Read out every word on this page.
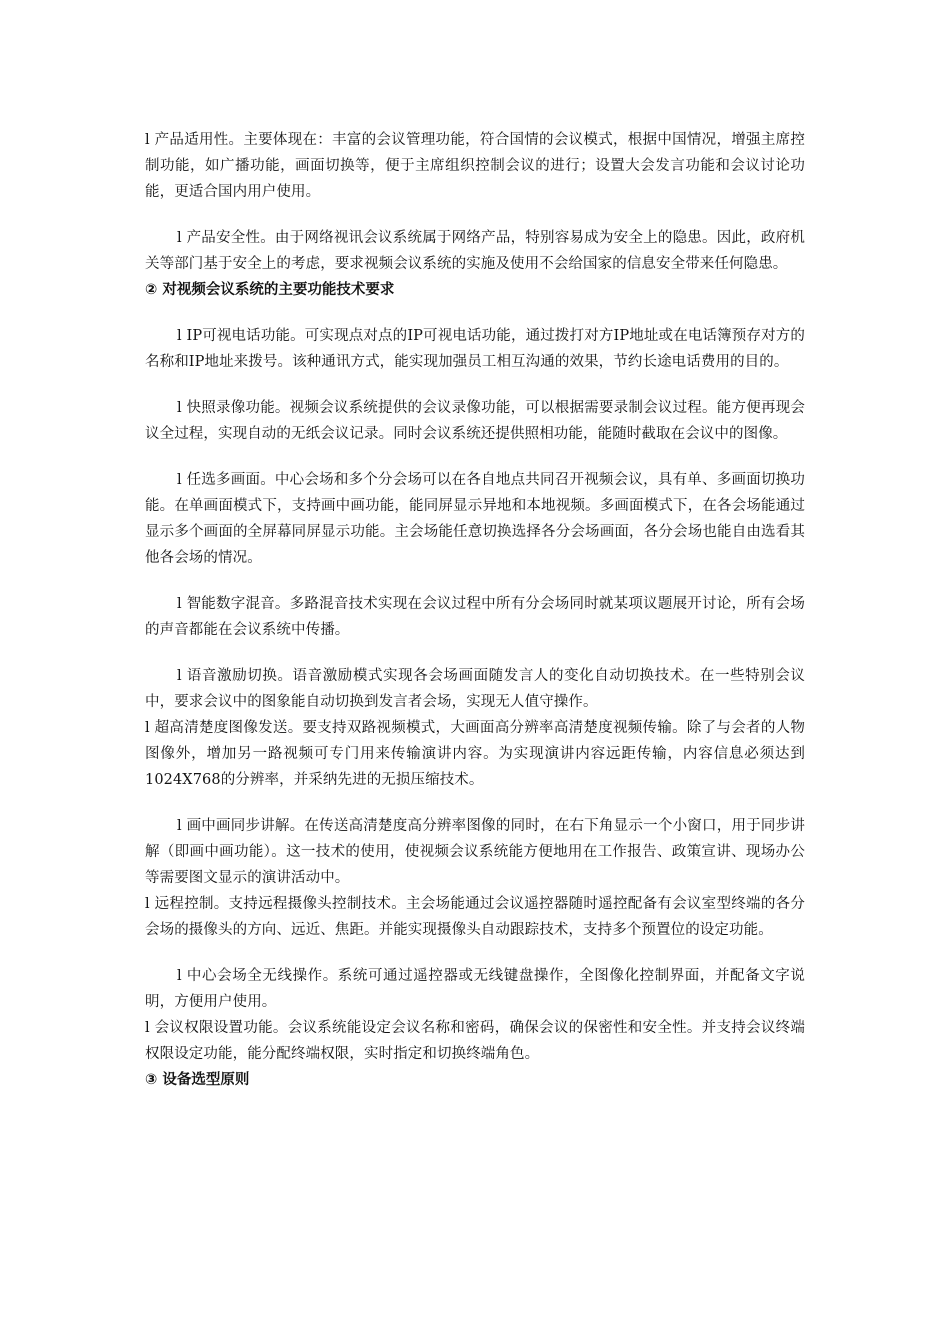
l 产品适用性。主要体现在：丰富的会议管理功能，符合国情的会议模式，根据中国情况，增强主席控制功能，如广播功能，画面切换等，便于主席组织控制会议的进行；设置大会发言功能和会议讨论功能，更适合国内用户使用。

l 产品安全性。由于网络视讯会议系统属于网络产品，特别容易成为安全上的隐患。因此，政府机关等部门基于安全上的考虑，要求视频会议系统的实施及使用不会给国家的信息安全带来任何隐患。

② 对视频会议系统的主要功能技术要求

l IP可视电话功能。可实现点对点的IP可视电话功能，通过拨打对方IP地址或在电话簿预存对方的名称和IP地址来拨号。该种通讯方式，能实现加强员工相互沟通的效果，节约长途电话费用的目的。

l 快照录像功能。视频会议系统提供的会议录像功能，可以根据需要录制会议过程。能方便再现会议全过程，实现自动的无纸会议记录。同时会议系统还提供照相功能，能随时截取在会议中的图像。

l 任选多画面。中心会场和多个分会场可以在各自地点共同召开视频会议，具有单、多画面切换功能。在单画面模式下，支持画中画功能，能同屏显示异地和本地视频。多画面模式下，在各会场能通过显示多个画面的全屏幕同屏显示功能。主会场能任意切换选择各分会场画面，各分会场也能自由选看其他各会场的情况。

l 智能数字混音。多路混音技术实现在会议过程中所有分会场同时就某项议题展开讨论，所有会场的声音都能在会议系统中传播。

l 语音激励切换。语音激励模式实现各会场画面随发言人的变化自动切换技术。在一些特别会议中，要求会议中的图象能自动切换到发言者会场，实现无人值守操作。

l 超高清楚度图像发送。要支持双路视频模式，大画面高分辨率高清楚度视频传输。除了与会者的人物图像外，增加另一路视频可专门用来传输演讲内容。为实现演讲内容远距传输，内容信息必须达到1024X768的分辨率，并采纳先进的无损压缩技术。

l 画中画同步讲解。在传送高清楚度高分辨率图像的同时，在右下角显示一个小窗口，用于同步讲解（即画中画功能）。这一技术的使用，使视频会议系统能方便地用在工作报告、政策宣讲、现场办公等需要图文显示的演讲活动中。

l 远程控制。支持远程摄像头控制技术。主会场能通过会议遥控器随时遥控配备有会议室型终端的各分会场的摄像头的方向、远近、焦距。并能实现摄像头自动跟踪技术，支持多个预置位的设定功能。

l 中心会场全无线操作。系统可通过遥控器或无线键盘操作，全图像化控制界面，并配备文字说明，方便用户使用。

l 会议权限设置功能。会议系统能设定会议名称和密码，确保会议的保密性和安全性。并支持会议终端权限设定功能，能分配终端权限，实时指定和切换终端角色。

③ 设备选型原则
